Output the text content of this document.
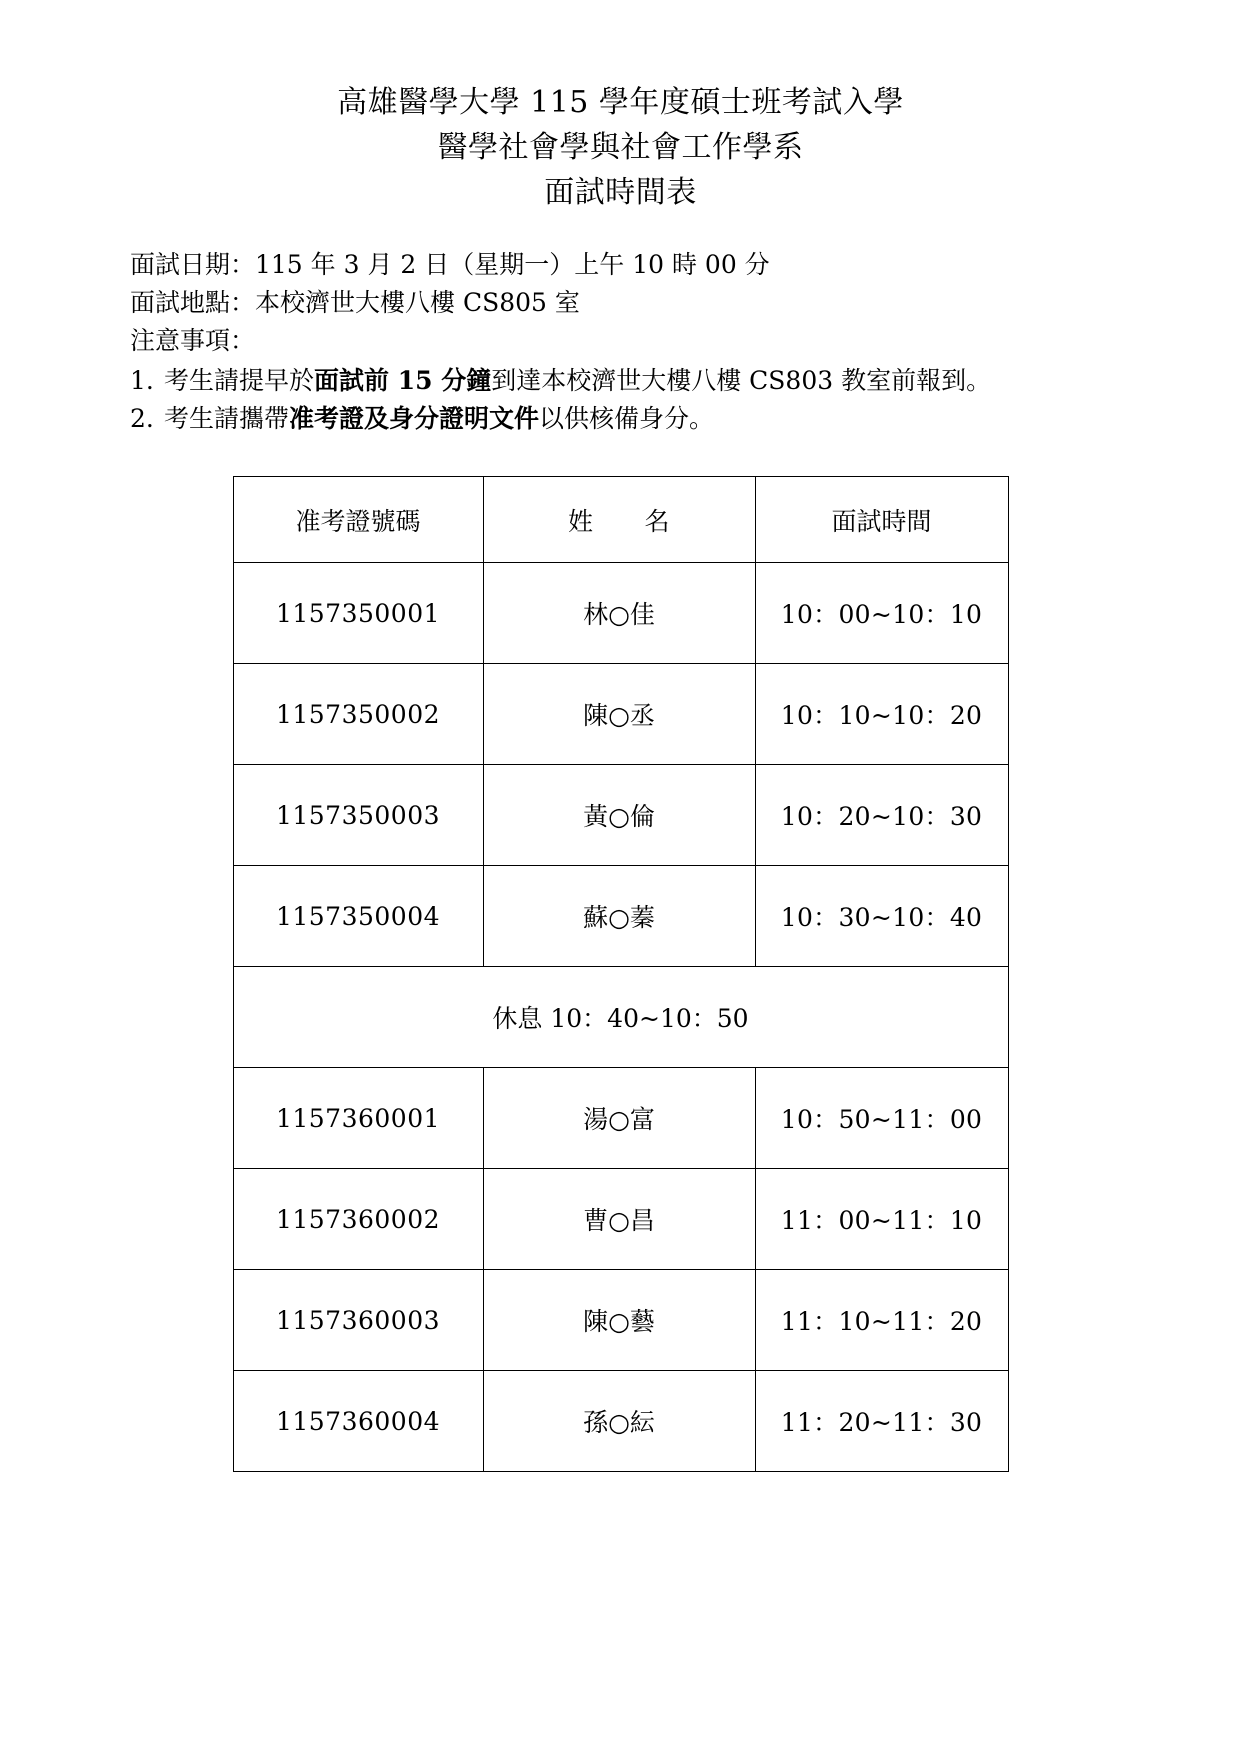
高雄醫學大學 115 學年度碩士班考試入學
醫學社會學與社會工作學系
面試時間表
面試日期：115 年 3 月 2 日（星期一）上午 10 時 00 分
面試地點：本校濟世大樓八樓 CS805 室
注意事項：
1. 考生請提早於面試前 15 分鐘到達本校濟世大樓八樓 CS803 教室前報到。
2. 考生請攜帶准考證及身分證明文件以供核備身分。
准考證號碼	姓　　名	面試時間
1157350001	林○佳	10：00~10：10
1157350002	陳○丞	10：10~10：20
1157350003	黃○倫	10：20~10：30
1157350004	蘇○蓁	10：30~10：40
休息 10：40~10：50		
1157360001	湯○富	10：50~11：00
1157360002	曹○昌	11：00~11：10
1157360003	陳○藝	11：10~11：20
1157360004	孫○紜	11：20~11：30
